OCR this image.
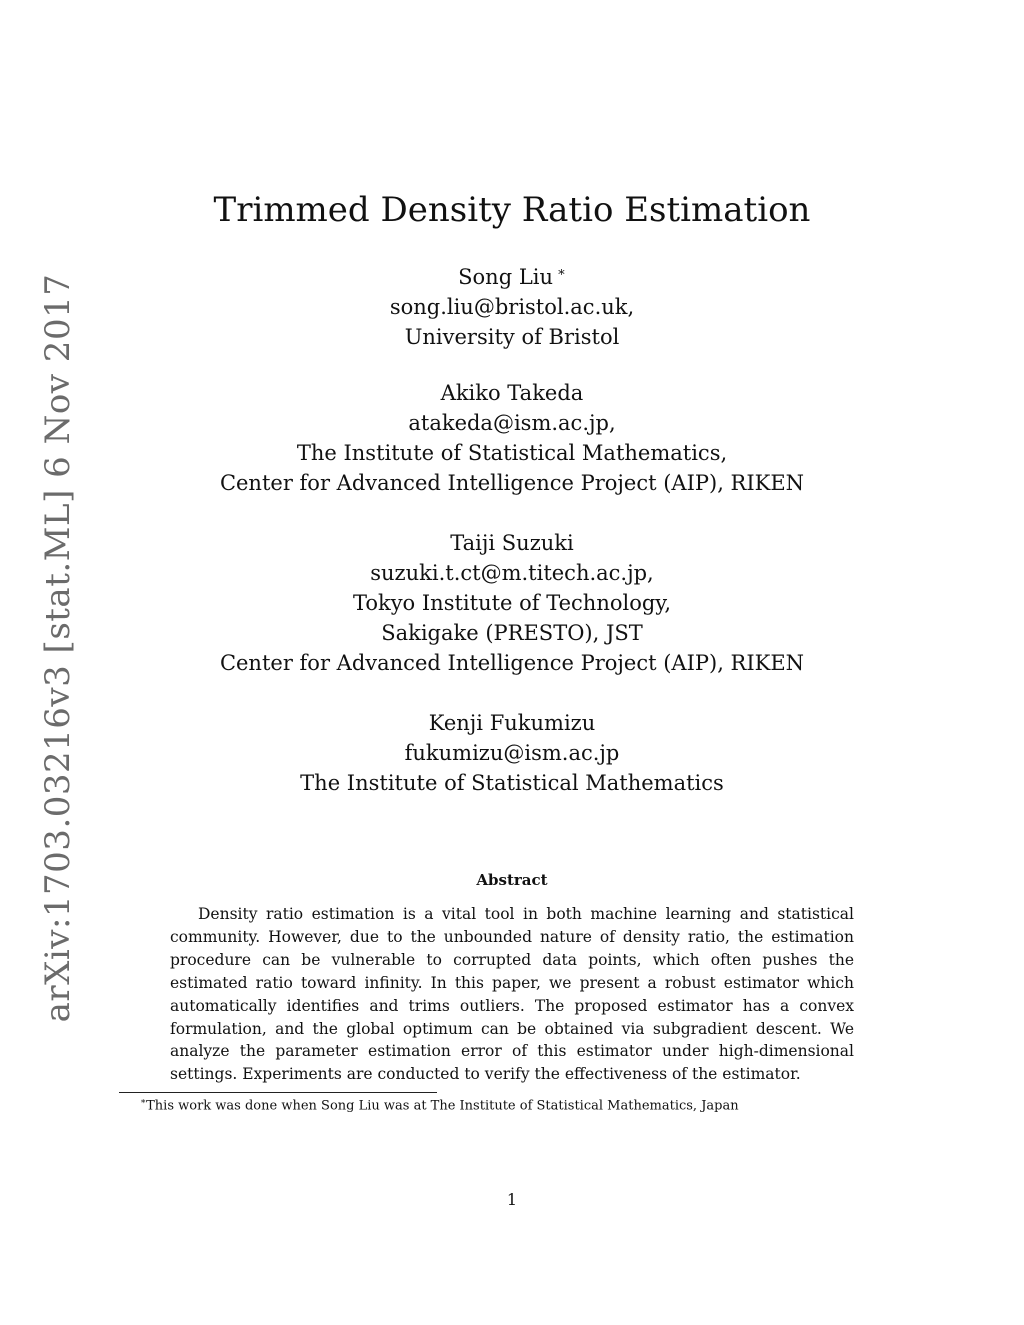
arXiv:1703.03216v3 [stat.ML] 6 Nov 2017
Trimmed Density Ratio Estimation
Song Liu ∗
song.liu@bristol.ac.uk,
University of Bristol
Akiko Takeda
atakeda@ism.ac.jp,
The Institute of Statistical Mathematics,
Center for Advanced Intelligence Project (AIP), RIKEN
Taiji Suzuki
suzuki.t.ct@m.titech.ac.jp,
Tokyo Institute of Technology,
Sakigake (PRESTO), JST
Center for Advanced Intelligence Project (AIP), RIKEN
Kenji Fukumizu
fukumizu@ism.ac.jp
The Institute of Statistical Mathematics
Abstract

Density ratio estimation is a vital tool in both machine learning and statistical community. However, due to the unbounded nature of density ratio, the estimation procedure can be vulnerable to corrupted data points, which often pushes the estimated ratio toward infinity. In this paper, we present a robust estimator which automatically identifies and trims outliers. The proposed estimator has a convex formulation, and the global optimum can be obtained via subgradient descent. We analyze the parameter estimation error of this estimator under high-dimensional settings. Experiments are conducted to verify the effectiveness of the estimator.

∗This work was done when Song Liu was at The Institute of Statistical Mathematics, Japan
1
